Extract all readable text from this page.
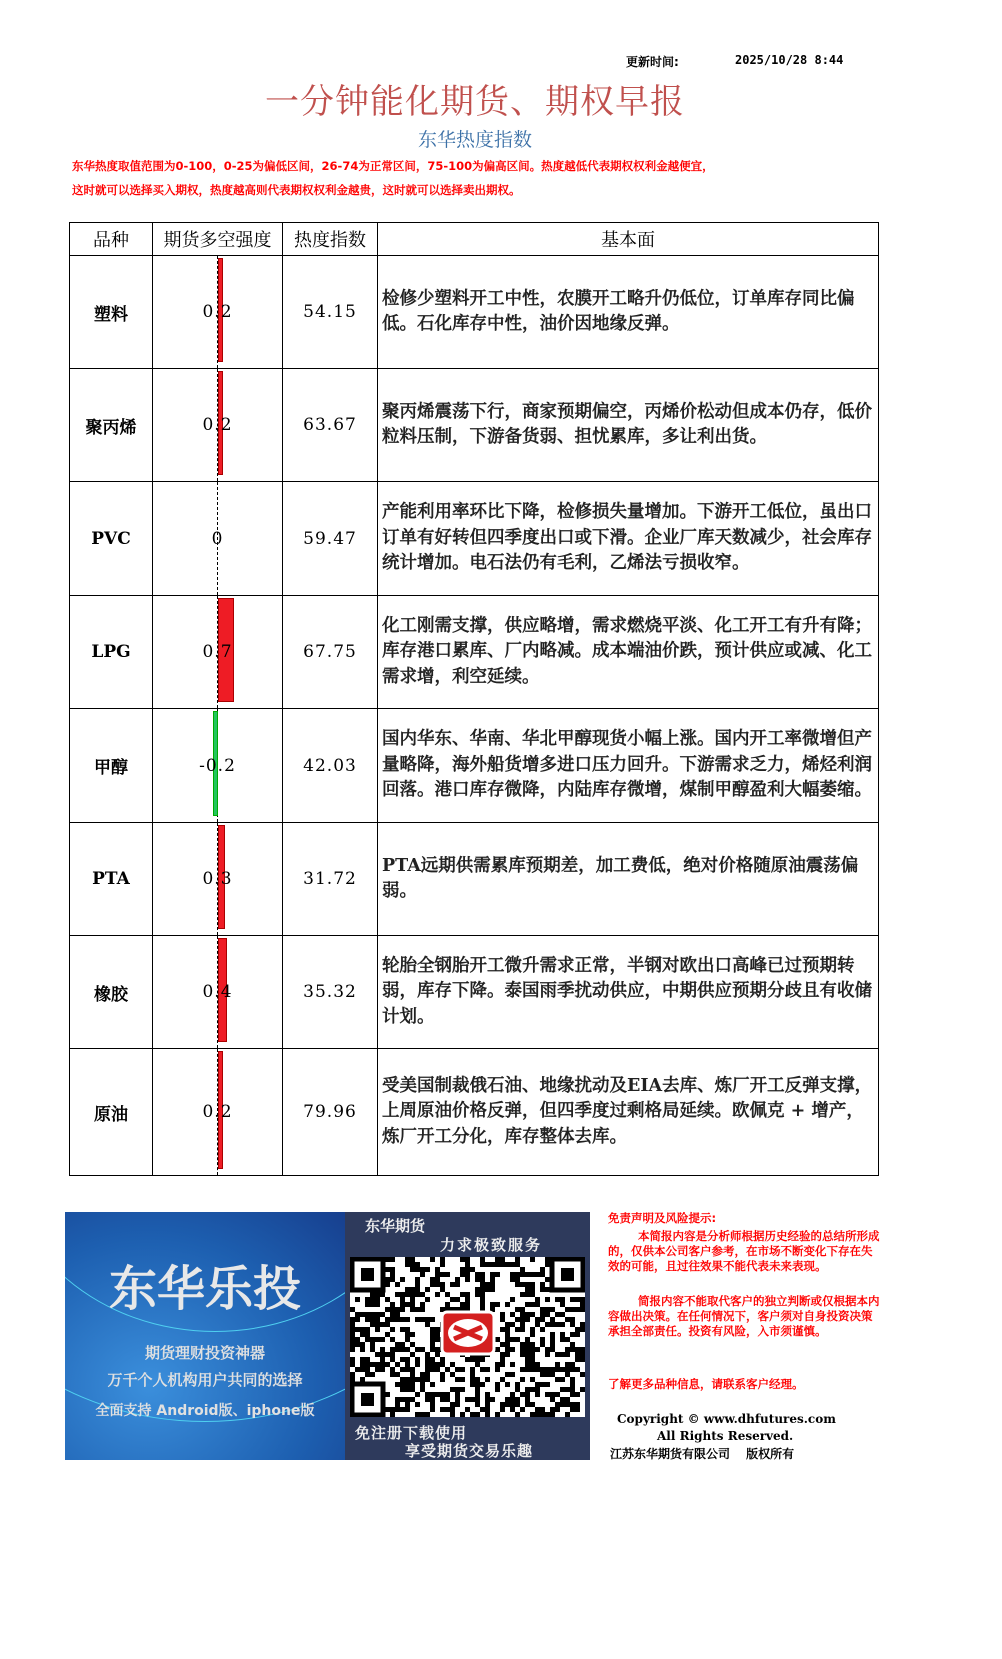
更新时间:	2025/10/28 8:44
一分钟能化期货、期权早报
东华热度指数
东华热度取值范围为0-100，0-25为偏低区间，26-74为正常区间，75-100为偏高区间。热度越低代表期权权利金越便宜，
这时就可以选择买入期权，热度越高则代表期权权利金越贵，这时就可以选择卖出期权。
品种	期货多空强度	热度指数	基本面
塑料	0.2	54.15	检修少塑料开工中性，农膜开工略升仍低位，订单库存同比偏低。石化库存中性，油价因地缘反弹。
聚丙烯	0.2	63.67	聚丙烯震荡下行，商家预期偏空，丙烯价松动但成本仍存，低价粒料压制，下游备货弱、担忧累库，多让利出货。
PVC	0	59.47	产能利用率环比下降，检修损失量增加。下游开工低位，虽出口订单有好转但四季度出口或下滑。企业厂库天数减少，社会库存统计增加。电石法仍有毛利，乙烯法亏损收窄。
LPG	0.7	67.75	化工刚需支撑，供应略增，需求燃烧平淡、化工开工有升有降；库存港口累库、厂内略减。成本端油价跌，预计供应或减、化工需求增，利空延续。
甲醇	-0.2	42.03	国内华东、华南、华北甲醇现货小幅上涨。国内开工率微增但产量略降，海外船货增多进口压力回升。下游需求乏力，烯烃利润回落。港口库存微降，内陆库存微增，煤制甲醇盈利大幅萎缩。
PTA	0.3	31.72	PTA远期供需累库预期差，加工费低，绝对价格随原油震荡偏弱。
橡胶	0.4	35.32	轮胎全钢胎开工微升需求正常，半钢对欧出口高峰已过预期转弱，库存下降。泰国雨季扰动供应，中期供应预期分歧且有收储计划。
原油	0.2	79.96	受美国制裁俄石油、地缘扰动及EIA去库、炼厂开工反弹支撑，上周原油价格反弹，但四季度过剩格局延续。欧佩克 + 增产，炼厂开工分化，库存整体去库。
东华乐投
期货理财投资神器
万千个人机构用户共同的选择
全面支持 Android版、iphone版
东华期货
力求极致服务
免注册下载使用
享受期货交易乐趣
免责声明及风险提示:
本简报内容是分析师根据历史经验的总结所形成的，仅供本公司客户参考，在市场不断变化下存在失效的可能，且过往效果不能代表未来表现。
简报内容不能取代客户的独立判断或仅根据本内容做出决策。在任何情况下，客户须对自身投资决策承担全部责任。投资有风险，入市须谨慎。
了解更多品种信息，请联系客户经理。
Copyright © www.dhfutures.com
All Rights Reserved.
江苏东华期货有限公司　 版权所有
